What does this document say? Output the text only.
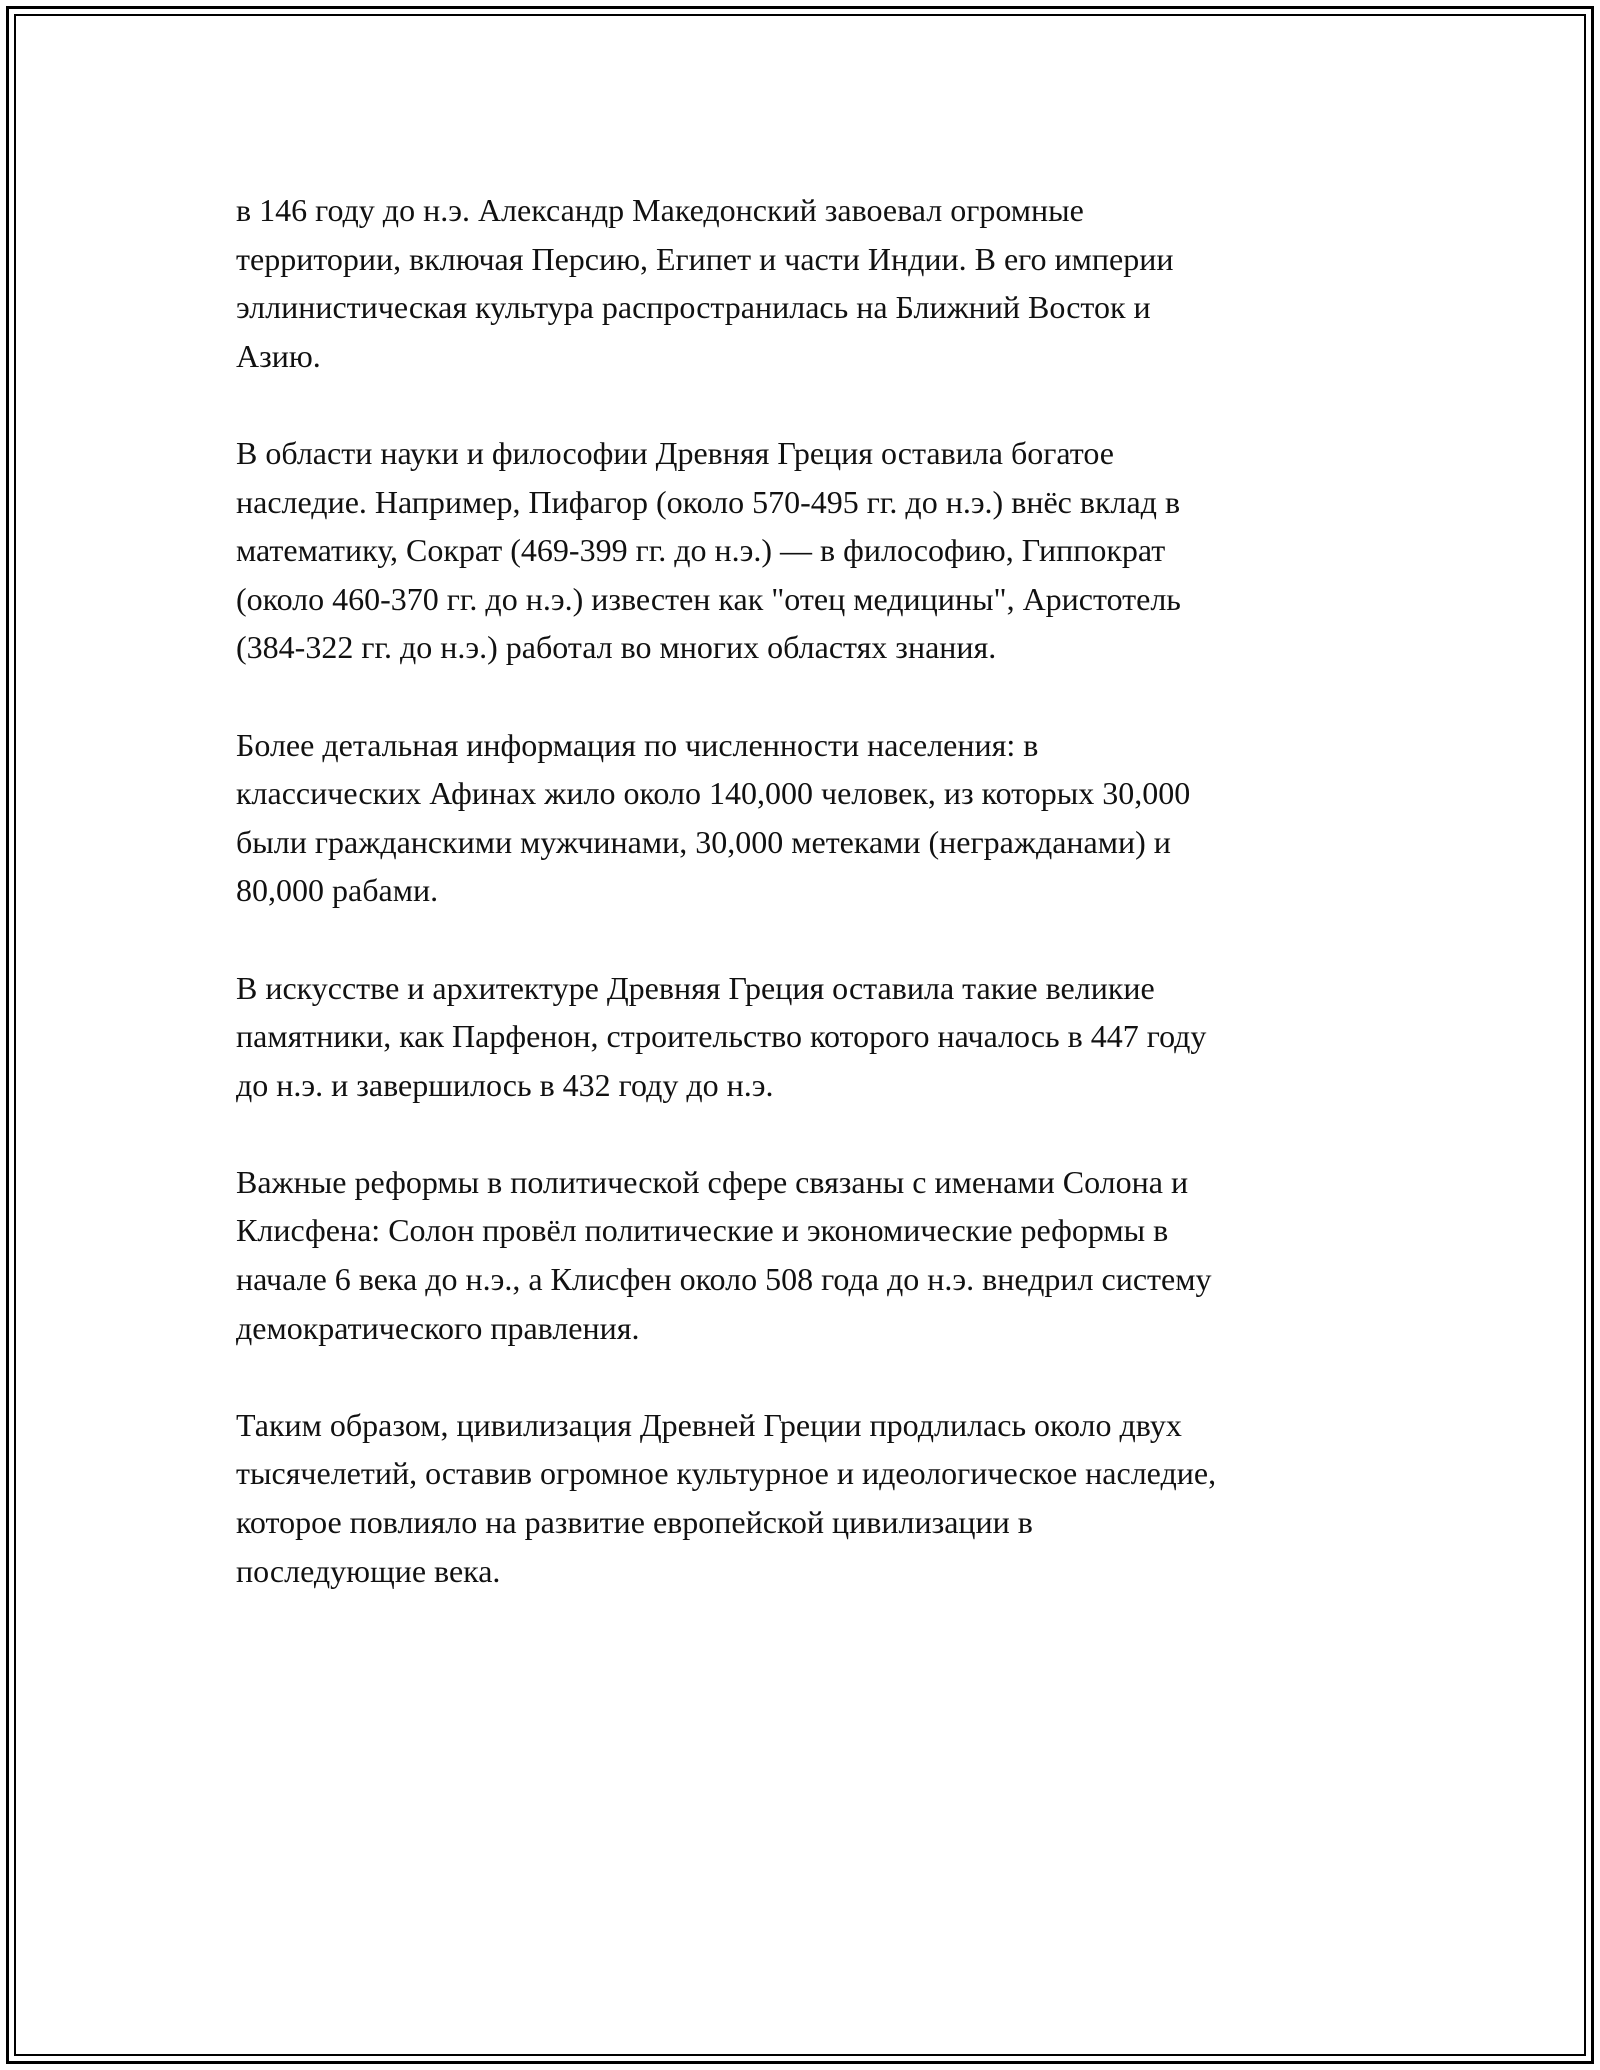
в 146 году до н.э. Александр Македонский завоевал огромные
территории, включая Персию, Египет и части Индии. В его империи
эллинистическая культура распространилась на Ближний Восток и
Азию.

В области науки и философии Древняя Греция оставила богатое
наследие. Например, Пифагор (около 570-495 гг. до н.э.) внёс вклад в
математику, Сократ (469-399 гг. до н.э.) — в философию, Гиппократ
(около 460-370 гг. до н.э.) известен как "отец медицины", Аристотель
(384-322 гг. до н.э.) работал во многих областях знания.

Более детальная информация по численности населения: в
классических Афинах жило около 140,000 человек, из которых 30,000
были гражданскими мужчинами, 30,000 метеками (негражданами) и
80,000 рабами.

В искусстве и архитектуре Древняя Греция оставила такие великие
памятники, как Парфенон, строительство которого началось в 447 году
до н.э. и завершилось в 432 году до н.э.

Важные реформы в политической сфере связаны с именами Солона и
Клисфена: Солон провёл политические и экономические реформы в
начале 6 века до н.э., а Клисфен около 508 года до н.э. внедрил систему
демократического правления.

Таким образом, цивилизация Древней Греции продлилась около двух
тысячелетий, оставив огромное культурное и идеологическое наследие,
которое повлияло на развитие европейской цивилизации в
последующие века.
